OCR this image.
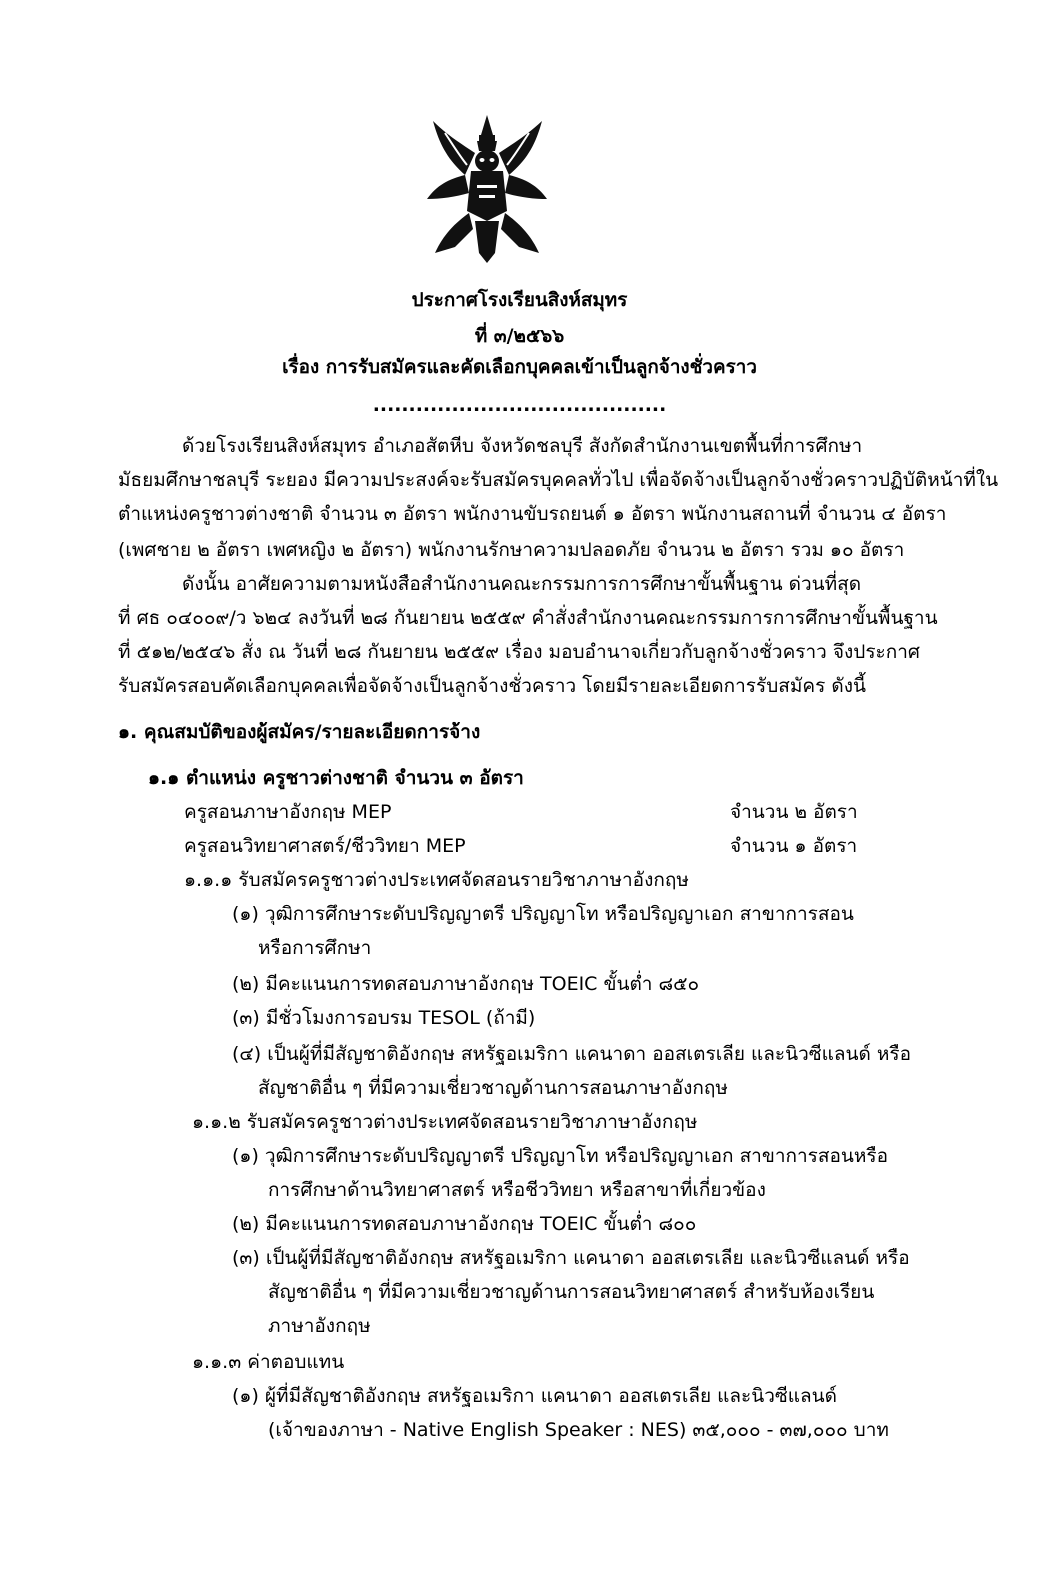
ประกาศโรงเรียนสิงห์สมุทร
ที่ ๓/๒๕๖๖
เรื่อง การรับสมัครและคัดเลือกบุคคลเข้าเป็นลูกจ้างชั่วคราว
.........................................
ด้วยโรงเรียนสิงห์สมุทร อำเภอสัตหีบ จังหวัดชลบุรี สังกัดสำนักงานเขตพื้นที่การศึกษา
มัธยมศึกษาชลบุรี ระยอง มีความประสงค์จะรับสมัครบุคคลทั่วไป เพื่อจัดจ้างเป็นลูกจ้างชั่วคราวปฏิบัติหน้าที่ใน
ตำแหน่งครูชาวต่างชาติ จำนวน ๓ อัตรา พนักงานขับรถยนต์ ๑ อัตรา พนักงานสถานที่ จำนวน ๔ อัตรา
(เพศชาย ๒ อัตรา เพศหญิง ๒ อัตรา) พนักงานรักษาความปลอดภัย จำนวน ๒ อัตรา รวม ๑๐ อัตรา
ดังนั้น อาศัยความตามหนังสือสำนักงานคณะกรรมการการศึกษาขั้นพื้นฐาน ด่วนที่สุด
ที่ ศธ ๐๔๐๐๙/ว ๖๒๔ ลงวันที่ ๒๘ กันยายน ๒๕๕๙ คำสั่งสำนักงานคณะกรรมการการศึกษาขั้นพื้นฐาน
ที่ ๕๑๒/๒๕๔๖ สั่ง ณ วันที่ ๒๘ กันยายน ๒๕๕๙ เรื่อง มอบอำนาจเกี่ยวกับลูกจ้างชั่วคราว จึงประกาศ
รับสมัครสอบคัดเลือกบุคคลเพื่อจัดจ้างเป็นลูกจ้างชั่วคราว โดยมีรายละเอียดการรับสมัคร ดังนี้
๑. คุณสมบัติของผู้สมัคร/รายละเอียดการจ้าง
๑.๑ ตำแหน่ง ครูชาวต่างชาติ จำนวน ๓ อัตรา
ครูสอนภาษาอังกฤษ MEP	จำนวน ๒ อัตรา
ครูสอนวิทยาศาสตร์/ชีววิทยา MEP	จำนวน ๑ อัตรา
๑.๑.๑ รับสมัครครูชาวต่างประเทศจัดสอนรายวิชาภาษาอังกฤษ
(๑) วุฒิการศึกษาระดับปริญญาตรี ปริญญาโท หรือปริญญาเอก สาขาการสอน
หรือการศึกษา
(๒) มีคะแนนการทดสอบภาษาอังกฤษ TOEIC ขั้นต่ำ ๘๕๐
(๓) มีชั่วโมงการอบรม TESOL (ถ้ามี)
(๔) เป็นผู้ที่มีสัญชาติอังกฤษ สหรัฐอเมริกา แคนาดา ออสเตรเลีย และนิวซีแลนด์ หรือ
สัญชาติอื่น ๆ ที่มีความเชี่ยวชาญด้านการสอนภาษาอังกฤษ
๑.๑.๒ รับสมัครครูชาวต่างประเทศจัดสอนรายวิชาภาษาอังกฤษ
(๑) วุฒิการศึกษาระดับปริญญาตรี ปริญญาโท หรือปริญญาเอก สาขาการสอนหรือ
การศึกษาด้านวิทยาศาสตร์ หรือชีววิทยา หรือสาขาที่เกี่ยวข้อง
(๒) มีคะแนนการทดสอบภาษาอังกฤษ TOEIC ขั้นต่ำ ๘๐๐
(๓) เป็นผู้ที่มีสัญชาติอังกฤษ สหรัฐอเมริกา แคนาดา ออสเตรเลีย และนิวซีแลนด์ หรือ
สัญชาติอื่น ๆ ที่มีความเชี่ยวชาญด้านการสอนวิทยาศาสตร์ สำหรับห้องเรียน
ภาษาอังกฤษ
๑.๑.๓ ค่าตอบแทน
(๑) ผู้ที่มีสัญชาติอังกฤษ สหรัฐอเมริกา แคนาดา ออสเตรเลีย และนิวซีแลนด์
(เจ้าของภาษา - Native English Speaker : NES) ๓๕,๐๐๐ - ๓๗,๐๐๐ บาท
